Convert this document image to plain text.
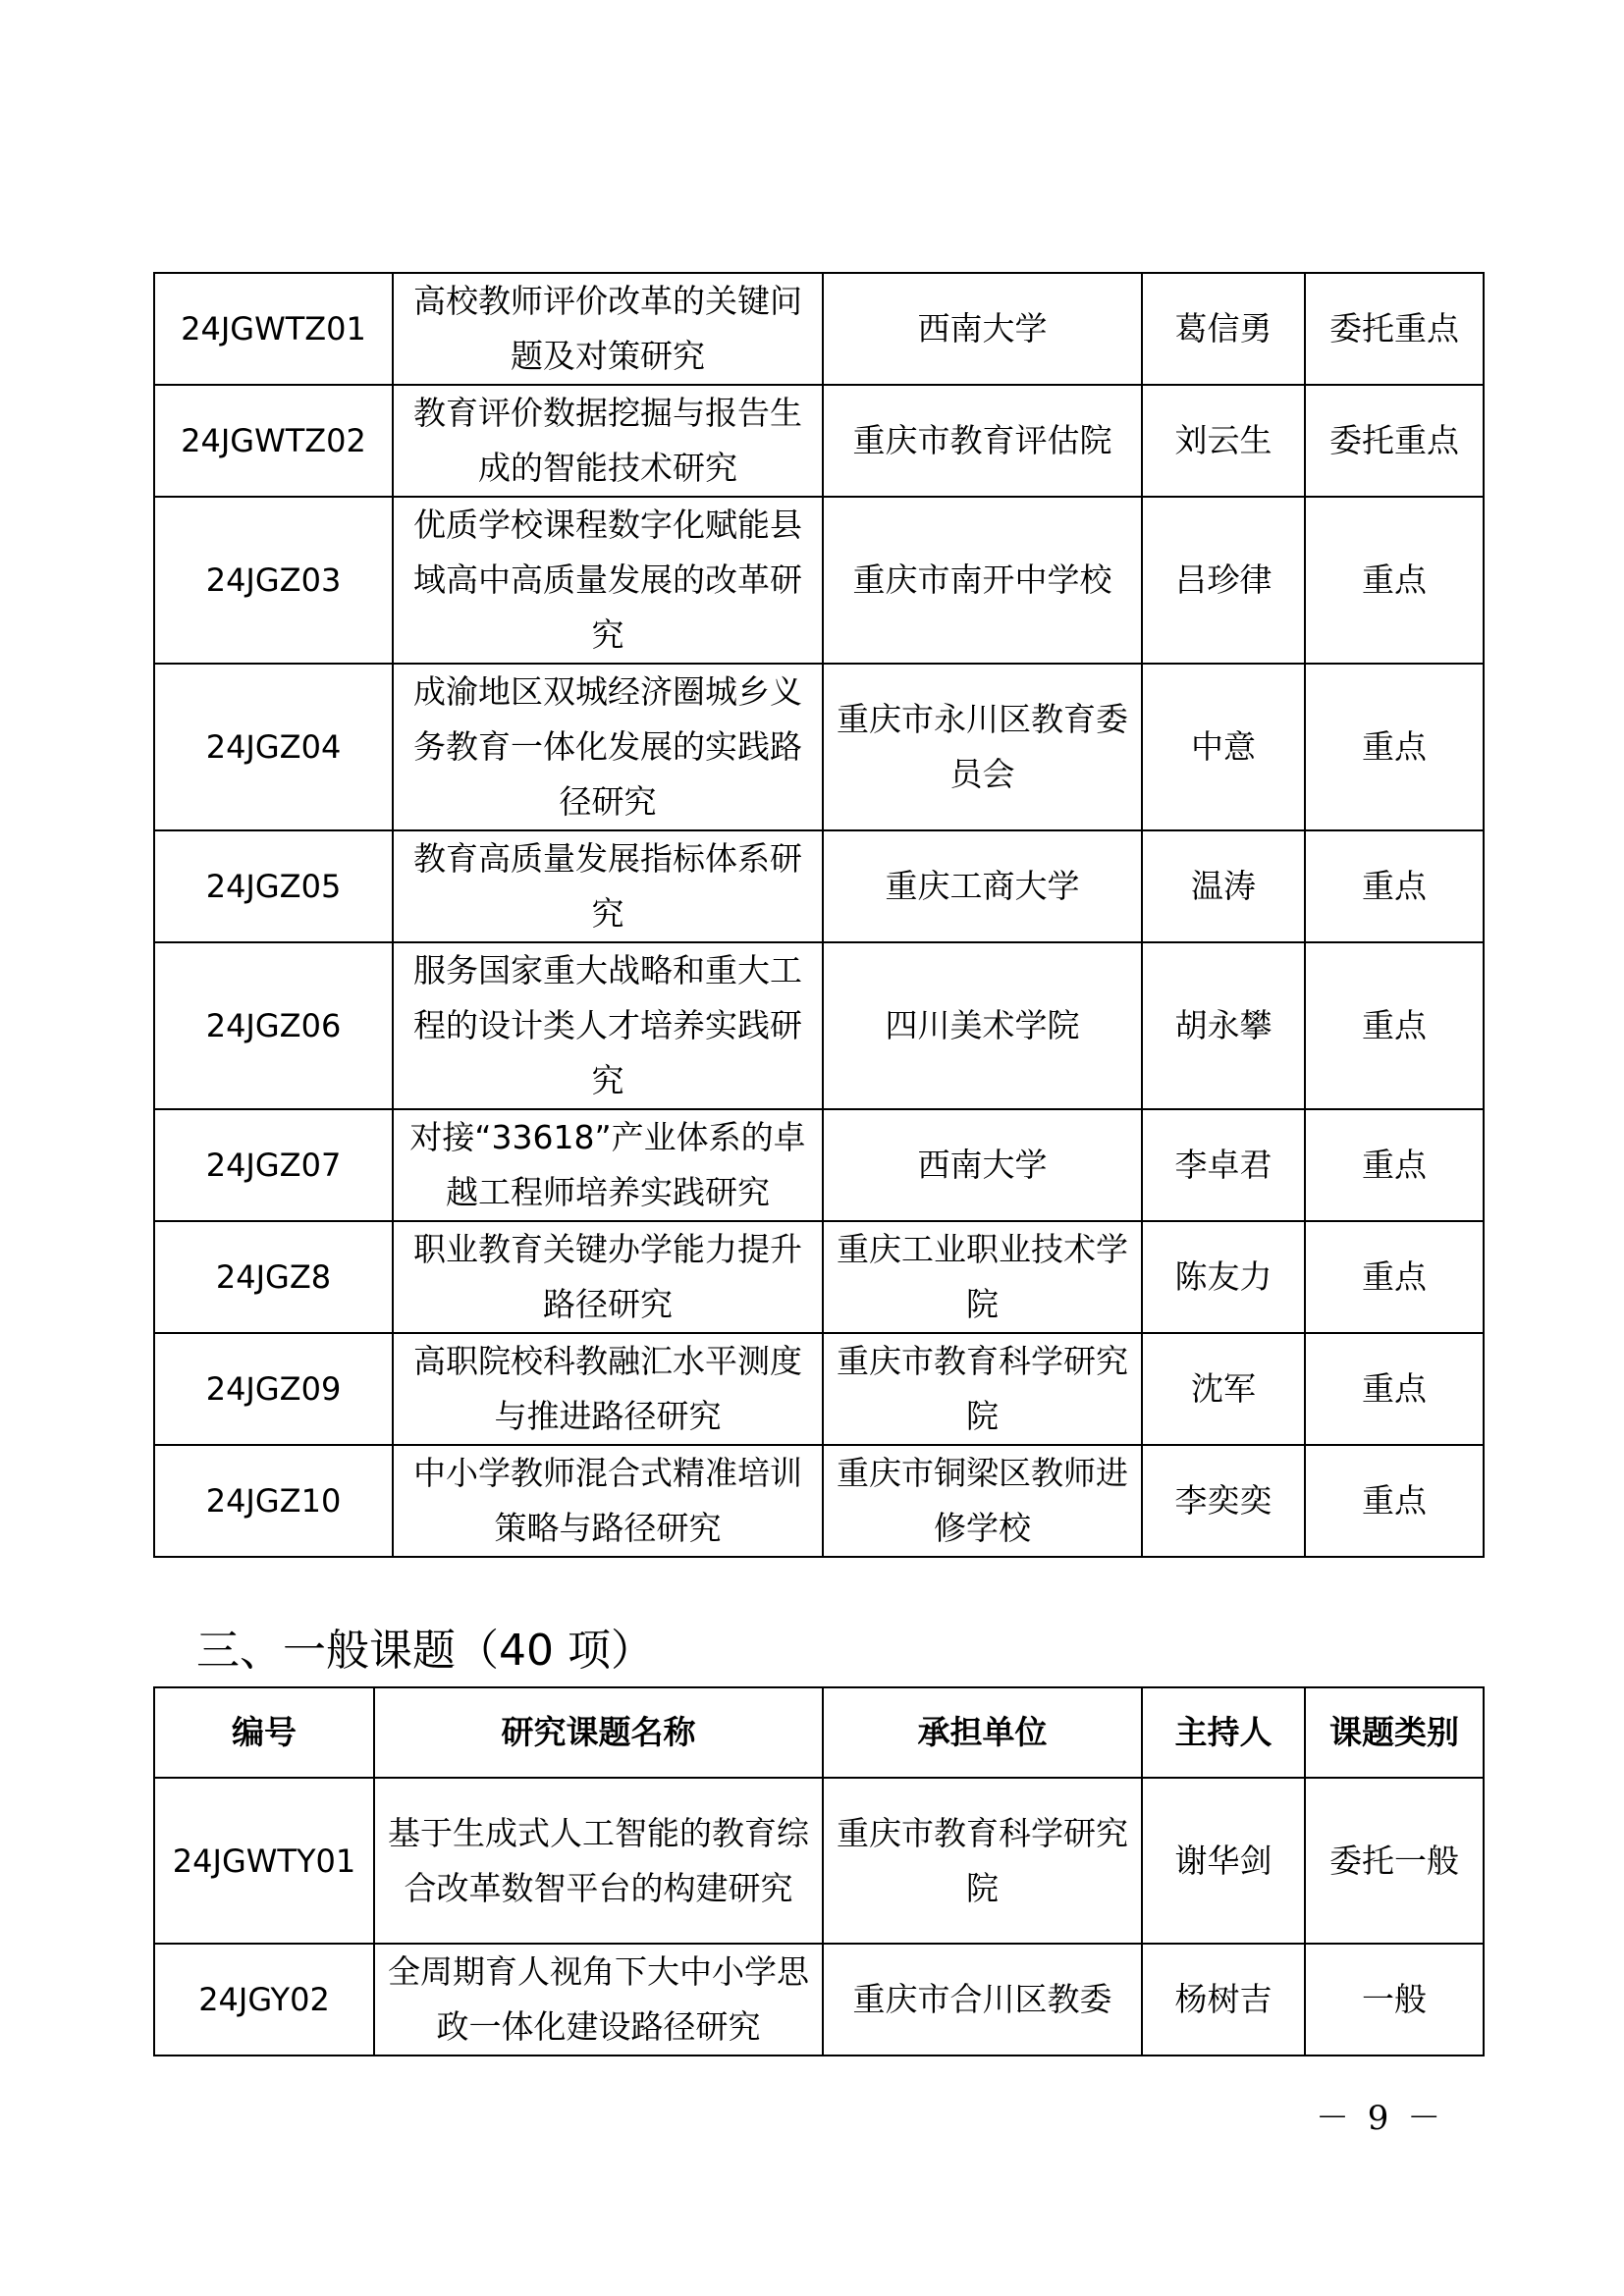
24JGWTZ01	高校教师评价改革的关键问题及对策研究	西南大学	葛信勇	委托重点
24JGWTZ02	教育评价数据挖掘与报告生成的智能技术研究	重庆市教育评估院	刘云生	委托重点
24JGZ03	优质学校课程数字化赋能县域高中高质量发展的改革研究	重庆市南开中学校	吕珍律	重点
24JGZ04	成渝地区双城经济圈城乡义务教育一体化发展的实践路径研究	重庆市永川区教育委员会	中意	重点
24JGZ05	教育高质量发展指标体系研究	重庆工商大学	温涛	重点
24JGZ06	服务国家重大战略和重大工程的设计类人才培养实践研究	四川美术学院	胡永攀	重点
24JGZ07	对接“33618”产业体系的卓越工程师培养实践研究	西南大学	李卓君	重点
24JGZ8	职业教育关键办学能力提升路径研究	重庆工业职业技术学院	陈友力	重点
24JGZ09	高职院校科教融汇水平测度与推进路径研究	重庆市教育科学研究院	沈军	重点
24JGZ10	中小学教师混合式精准培训策略与路径研究	重庆市铜梁区教师进修学校	李奕奕	重点
三、一般课题（40 项）
编号	研究课题名称	承担单位	主持人	课题类别
24JGWTY01	基于生成式人工智能的教育综合改革数智平台的构建研究	重庆市教育科学研究院	谢华剑	委托一般
24JGY02	全周期育人视角下大中小学思政一体化建设路径研究	重庆市合川区教委	杨树吉	一般
－ 9 －
